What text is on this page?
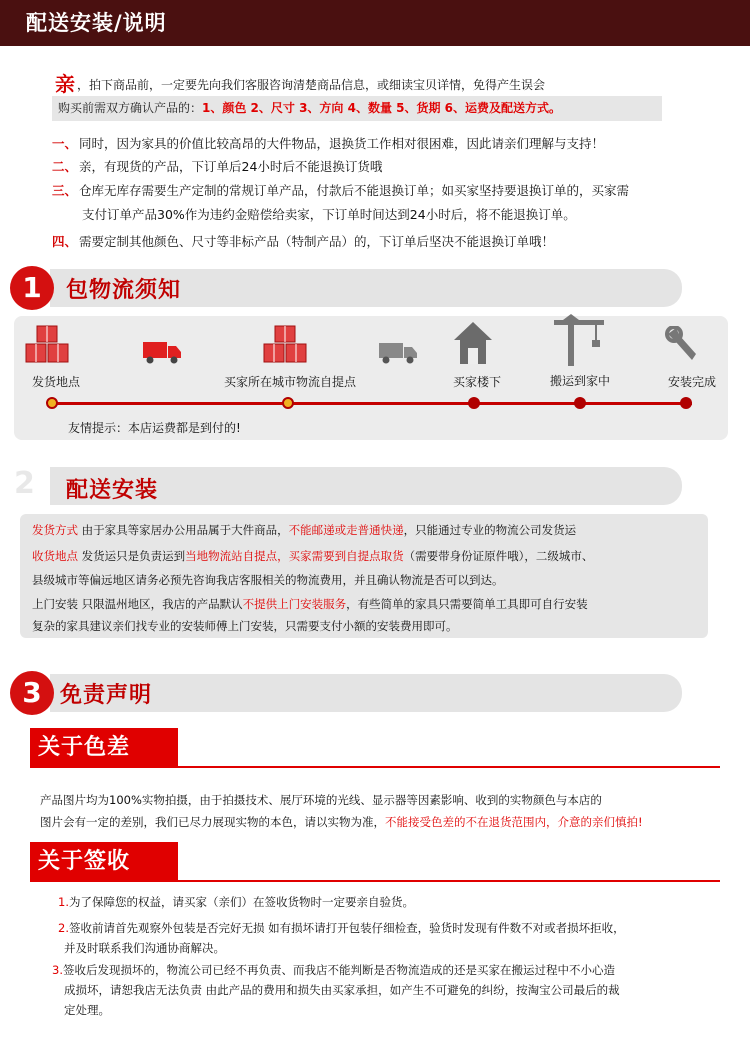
配送安装/说明
亲 ，拍下商品前，一定要先向我们客服咨询清楚商品信息，或细读宝贝详情，免得产生误会
购买前需双方确认产品的：1、颜色 2、尺寸 3、方向 4、数量 5、货期 6、运费及配送方式。
一、 同时，因为家具的价值比较高昂的大件物品，退换货工作相对很困难，因此请亲们理解与支持！
二、 亲，有现货的产品，下订单后24小时后不能退换订货哦
三、 仓库无库存需要生产定制的常规订单产品，付款后不能退换订单；如买家坚持要退换订单的，买家需
支付订单产品30%作为违约金赔偿给卖家，下订单时间达到24小时后，将不能退换订单。
四、 需要定制其他颜色、尺寸等非标产品（特制产品）的，下订单后坚决不能退换订单哦！
1	包物流须知
发货地点	买家所在城市物流自提点	买家楼下	搬运到家中	安装完成
友情提示：本店运费都是到付的!
2 配送安装
发货方式 由于家具等家居办公用品属于大件商品，不能邮递或走普通快递，只能通过专业的物流公司发货运
收货地点 发货运只是负责运到当地物流站自提点，买家需要到自提点取货（需要带身份证原件哦），二级城市、
县级城市等偏远地区请务必预先咨询我店客服相关的物流费用，并且确认物流是否可以到达。
上门安装 只限温州地区，我店的产品默认不提供上门安装服务，有些简单的家具只需要简单工具即可自行安装
复杂的家具建议亲们找专业的安装师傅上门安装，只需要支付小额的安装费用即可。
3 免责声明
关于色差
产品图片均为100%实物拍摄，由于拍摄技术、展厅环境的光线、显示器等因素影响、收到的实物颜色与本店的
图片会有一定的差别，我们已尽力展现实物的本色，请以实物为准，不能接受色差的不在退货范围内，介意的亲们慎拍!
关于签收
1.为了保障您的权益，请买家（亲们）在签收货物时一定要亲自验货。
2.签收前请首先观察外包装是否完好无损 如有损坏请打开包装仔细检查，验货时发现有件数不对或者损坏拒收，
并及时联系我们沟通协商解决。
3.签收后发现损坏的，物流公司已经不再负责、而我店不能判断是否物流造成的还是买家在搬运过程中不小心造
成损坏，请恕我店无法负责 由此产品的费用和损失由买家承担，如产生不可避免的纠纷，按淘宝公司最后的裁
定处理。
